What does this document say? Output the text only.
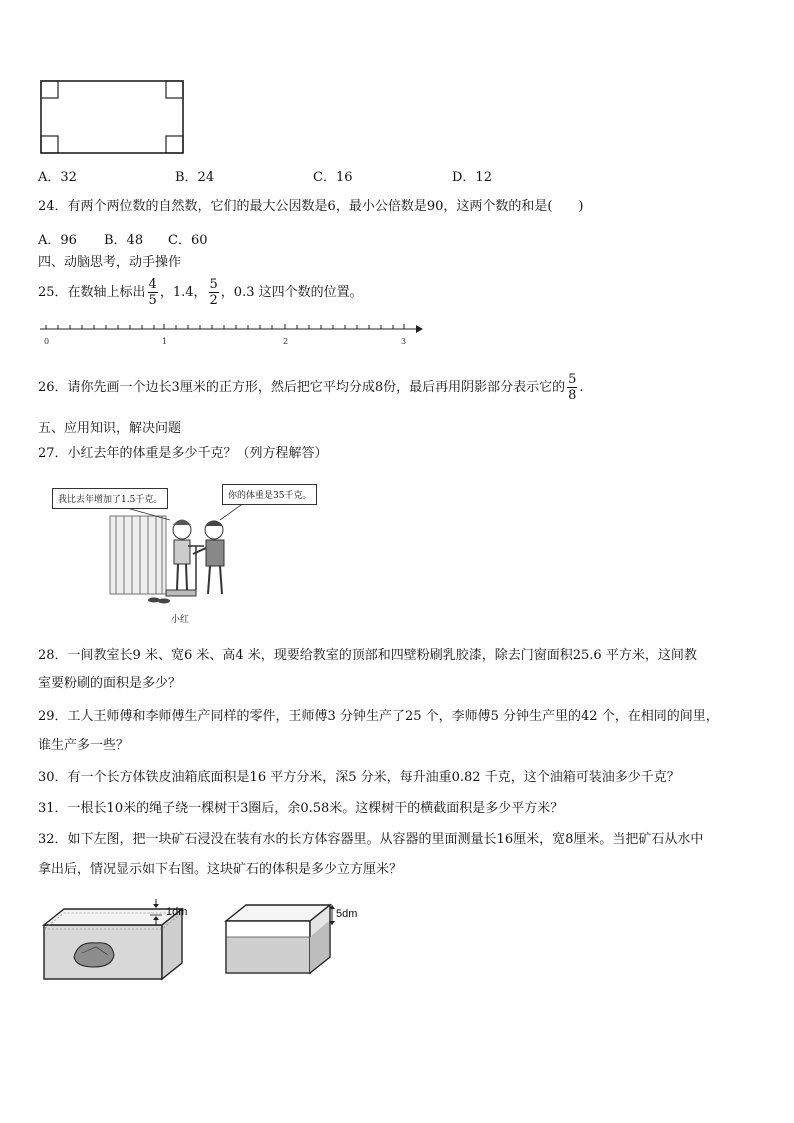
A．32	B．24	C．16	D．12
24．有两个两位数的自然数，它们的最大公因数是6，最小公倍数是90，这两个数的和是(　　)
A．96 B．48 C．60
四、动脑思考，动手操作
25．在数轴上标出 $\frac{4}{5}$ ，1.4， $\frac{5}{2}$ ，0.3 这四个数的位置。
0	1	2	3
26．请你先画一个边长3厘米的正方形，然后把它平均分成8份，最后再用阴影部分表示它的 $\frac{5}{8}$ .
五、应用知识，解决问题
27．小红去年的体重是多少千克？（列方程解答）
我比去年增加了1.5千克。	你的体重是35千克。
小红
28．一间教室长9 米、宽6 米、高4 米，现要给教室的顶部和四壁粉刷乳胶漆，除去门窗面积25.6 平方米，这间教
室要粉刷的面积是多少？
29．工人王师傅和李师傅生产同样的零件，王师傅3 分钟生产了25 个，李师傅5 分钟生产里的42 个，在相同的间里，
谁生产多一些？
30．有一个长方体铁皮油箱底面积是16 平方分米，深5 分米，每升油重0.82 千克，这个油箱可装油多少千克？
31．一根长10米的绳子绕一棵树干3圈后，余0.58米。这棵树干的横截面积是多少平方米？
32．如下左图，把一块矿石浸没在装有水的长方体容器里。从容器的里面测量长16厘米，宽8厘米。当把矿石从水中
拿出后，情况显示如下右图。这块矿石的体积是多少立方厘米？
1dm	5dm
